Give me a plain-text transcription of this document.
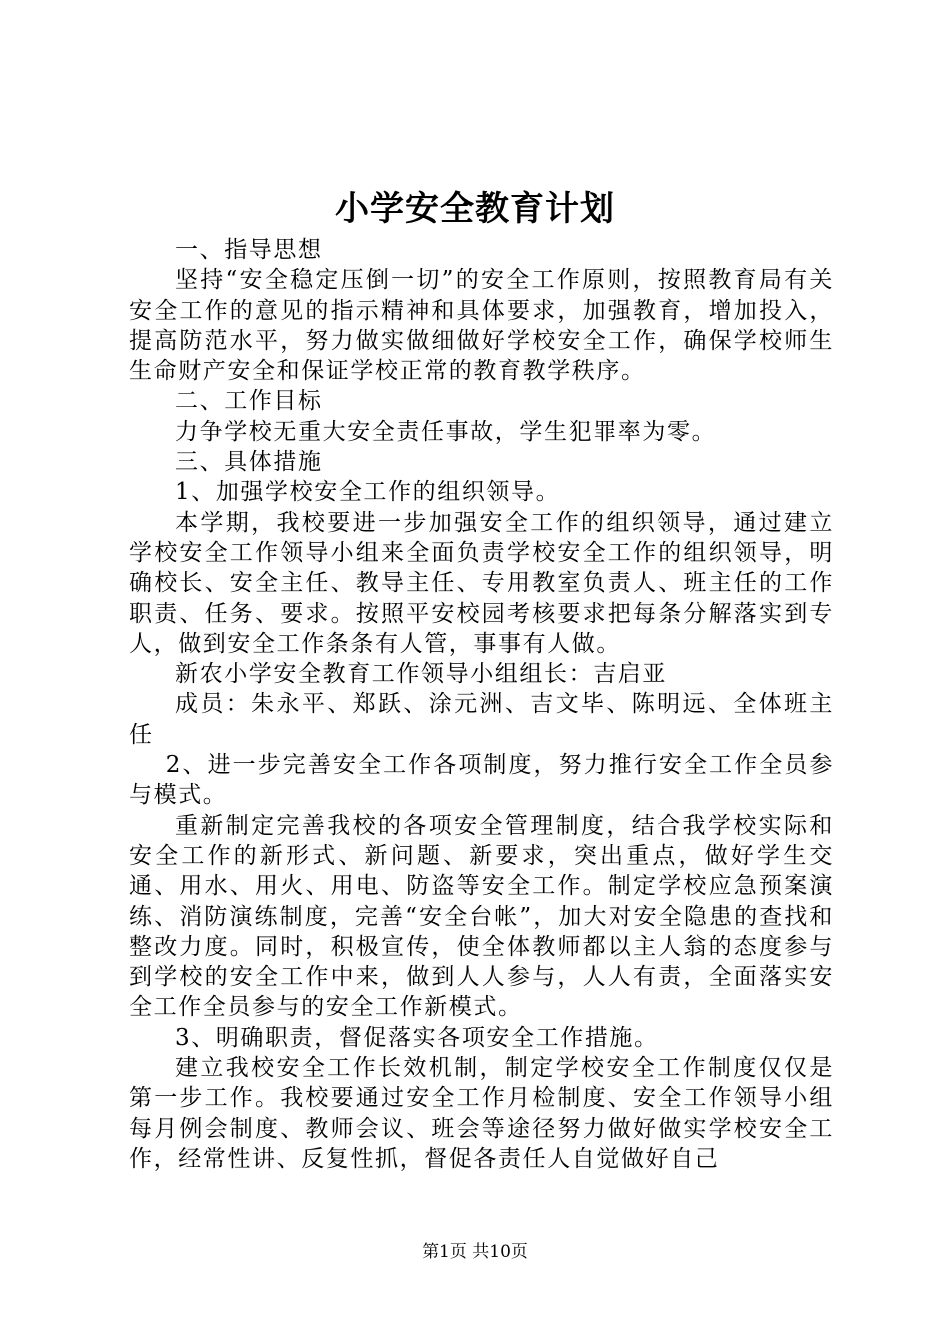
小学安全教育计划

一、指导思想

坚持“安全稳定压倒一切”的安全工作原则，按照教育局有关安全工作的意见的指示精神和具体要求，加强教育，增加投入，提高防范水平，努力做实做细做好学校安全工作，确保学校师生生命财产安全和保证学校正常的教育教学秩序。

二、工作目标

力争学校无重大安全责任事故，学生犯罪率为零。

三、具体措施

1、加强学校安全工作的组织领导。

本学期，我校要进一步加强安全工作的组织领导，通过建立学校安全工作领导小组来全面负责学校安全工作的组织领导，明确校长、安全主任、教导主任、专用教室负责人、班主任的工作职责、任务、要求。按照平安校园考核要求把每条分解落实到专人，做到安全工作条条有人管，事事有人做。

新农小学安全教育工作领导小组组长：吉启亚

成员：朱永平、郑跃、涂元洲、吉文毕、陈明远、全体班主任

2、进一步完善安全工作各项制度，努力推行安全工作全员参与模式。

重新制定完善我校的各项安全管理制度，结合我学校实际和安全工作的新形式、新问题、新要求，突出重点，做好学生交通、用水、用火、用电、防盗等安全工作。制定学校应急预案演练、消防演练制度，完善“安全台帐”，加大对安全隐患的查找和整改力度。同时，积极宣传，使全体教师都以主人翁的态度参与到学校的安全工作中来，做到人人参与，人人有责，全面落实安全工作全员参与的安全工作新模式。

3、明确职责，督促落实各项安全工作措施。

建立我校安全工作长效机制，制定学校安全工作制度仅仅是第一步工作。我校要通过安全工作月检制度、安全工作领导小组每月例会制度、教师会议、班会等途径努力做好做实学校安全工作，经常性讲、反复性抓，督促各责任人自觉做好自己

第1页 共10页
